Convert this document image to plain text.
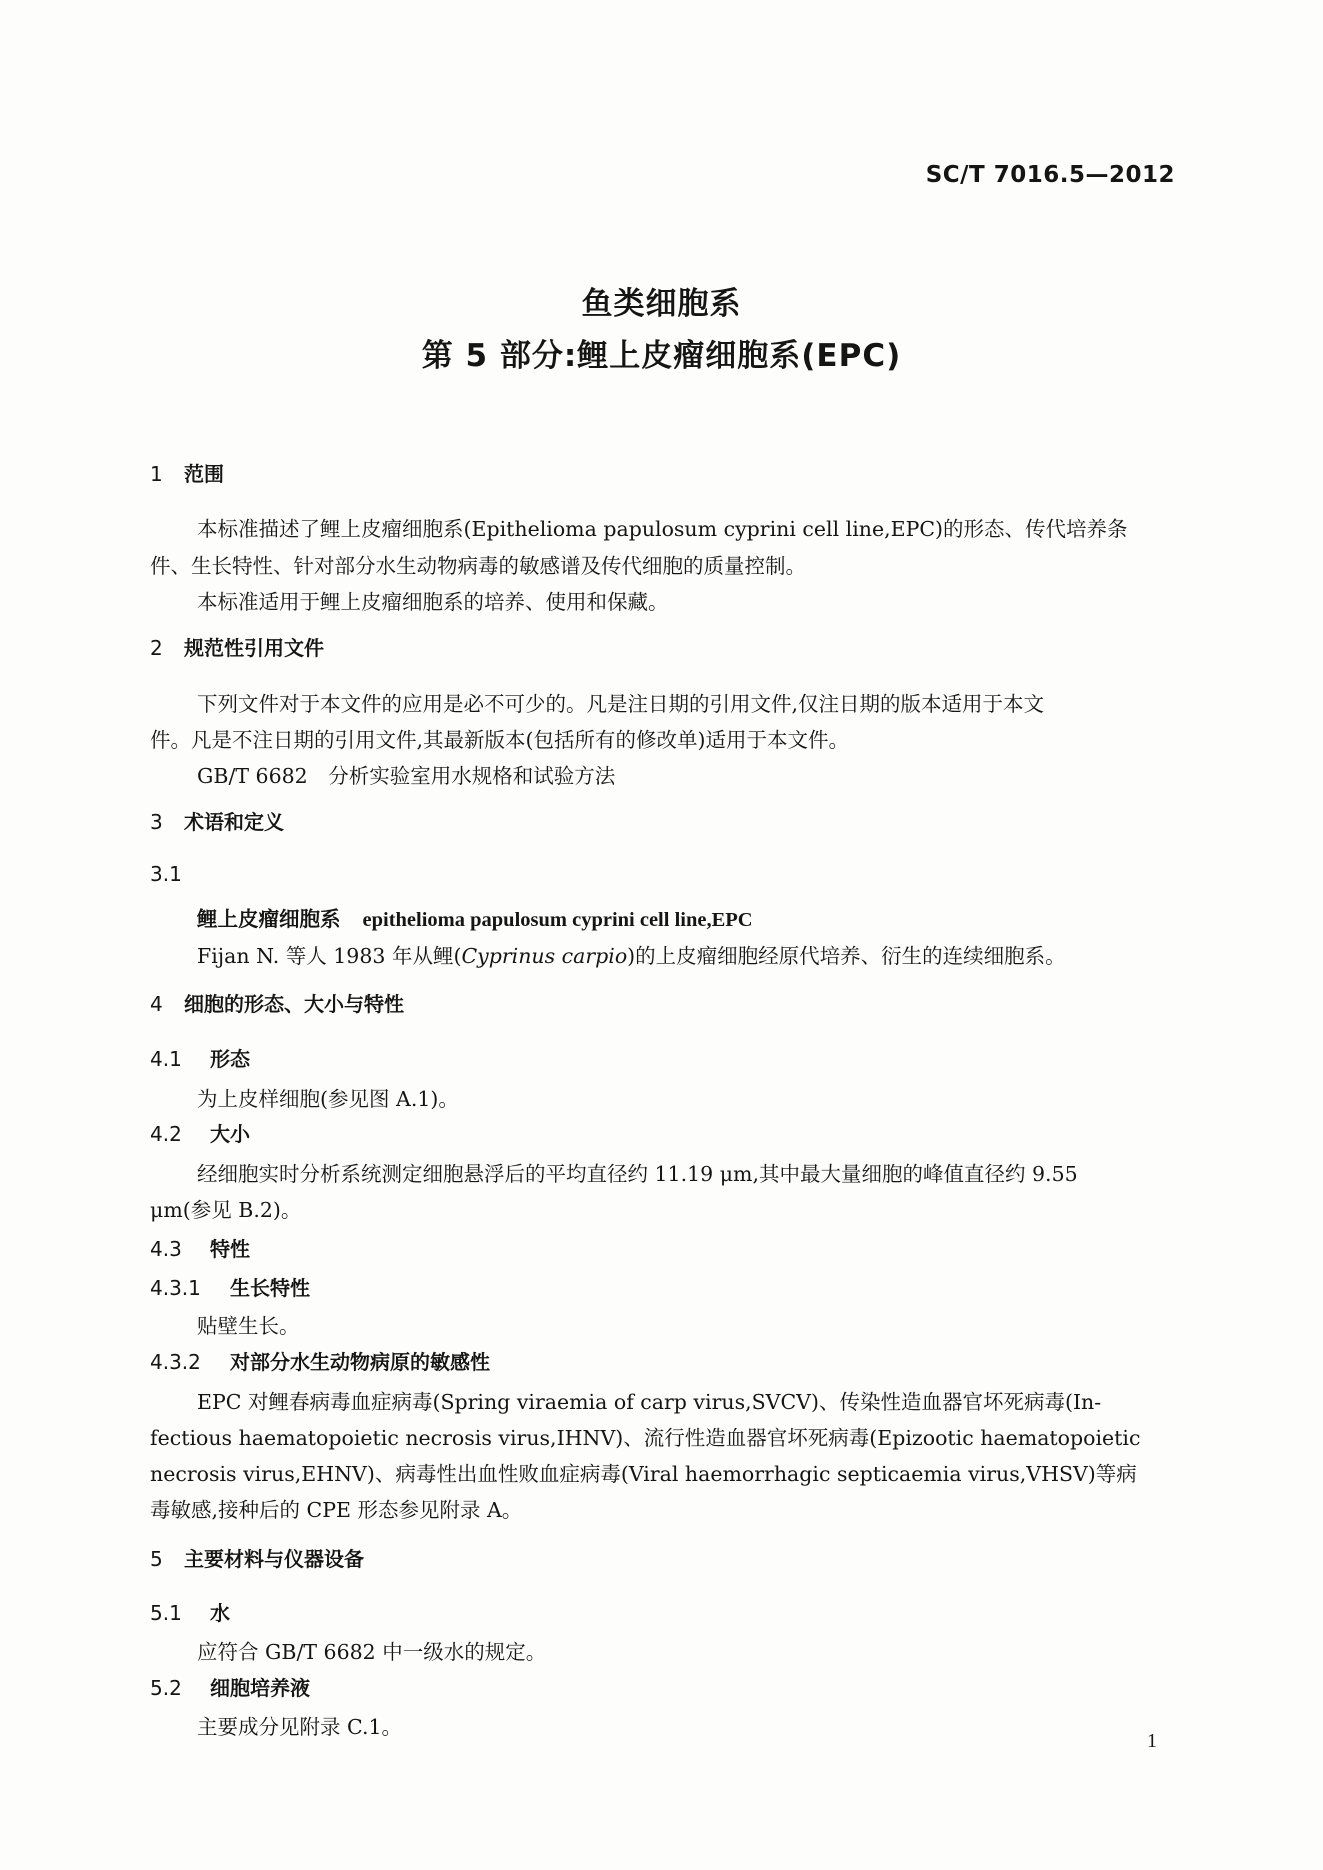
SC/T 7016.5—2012
鱼类细胞系
第 5 部分:鲤上皮瘤细胞系(EPC)
1 范围
本标准描述了鲤上皮瘤细胞系(Epithelioma papulosum cyprini cell line,EPC)的形态、传代培养条
件、生长特性、针对部分水生动物病毒的敏感谱及传代细胞的质量控制。
本标准适用于鲤上皮瘤细胞系的培养、使用和保藏。
2 规范性引用文件
下列文件对于本文件的应用是必不可少的。凡是注日期的引用文件,仅注日期的版本适用于本文
件。凡是不注日期的引用文件,其最新版本(包括所有的修改单)适用于本文件。
GB/T 6682　分析实验室用水规格和试验方法
3 术语和定义
3.1
鲤上皮瘤细胞系 epithelioma papulosum cyprini cell line,EPC
Fijan N. 等人 1983 年从鲤(Cyprinus carpio)的上皮瘤细胞经原代培养、衍生的连续细胞系。
4 细胞的形态、大小与特性
4.1 形态
为上皮样细胞(参见图 A.1)。
4.2 大小
经细胞实时分析系统测定细胞悬浮后的平均直径约 11.19 μm,其中最大量细胞的峰值直径约 9.55
μm(参见 B.2)。
4.3 特性
4.3.1 生长特性
贴壁生长。
4.3.2 对部分水生动物病原的敏感性
EPC 对鲤春病毒血症病毒(Spring viraemia of carp virus,SVCV)、传染性造血器官坏死病毒(In-
fectious haematopoietic necrosis virus,IHNV)、流行性造血器官坏死病毒(Epizootic haematopoietic
necrosis virus,EHNV)、病毒性出血性败血症病毒(Viral haemorrhagic septicaemia virus,VHSV)等病
毒敏感,接种后的 CPE 形态参见附录 A。
5 主要材料与仪器设备
5.1 水
应符合 GB/T 6682 中一级水的规定。
5.2 细胞培养液
主要成分见附录 C.1。
1
